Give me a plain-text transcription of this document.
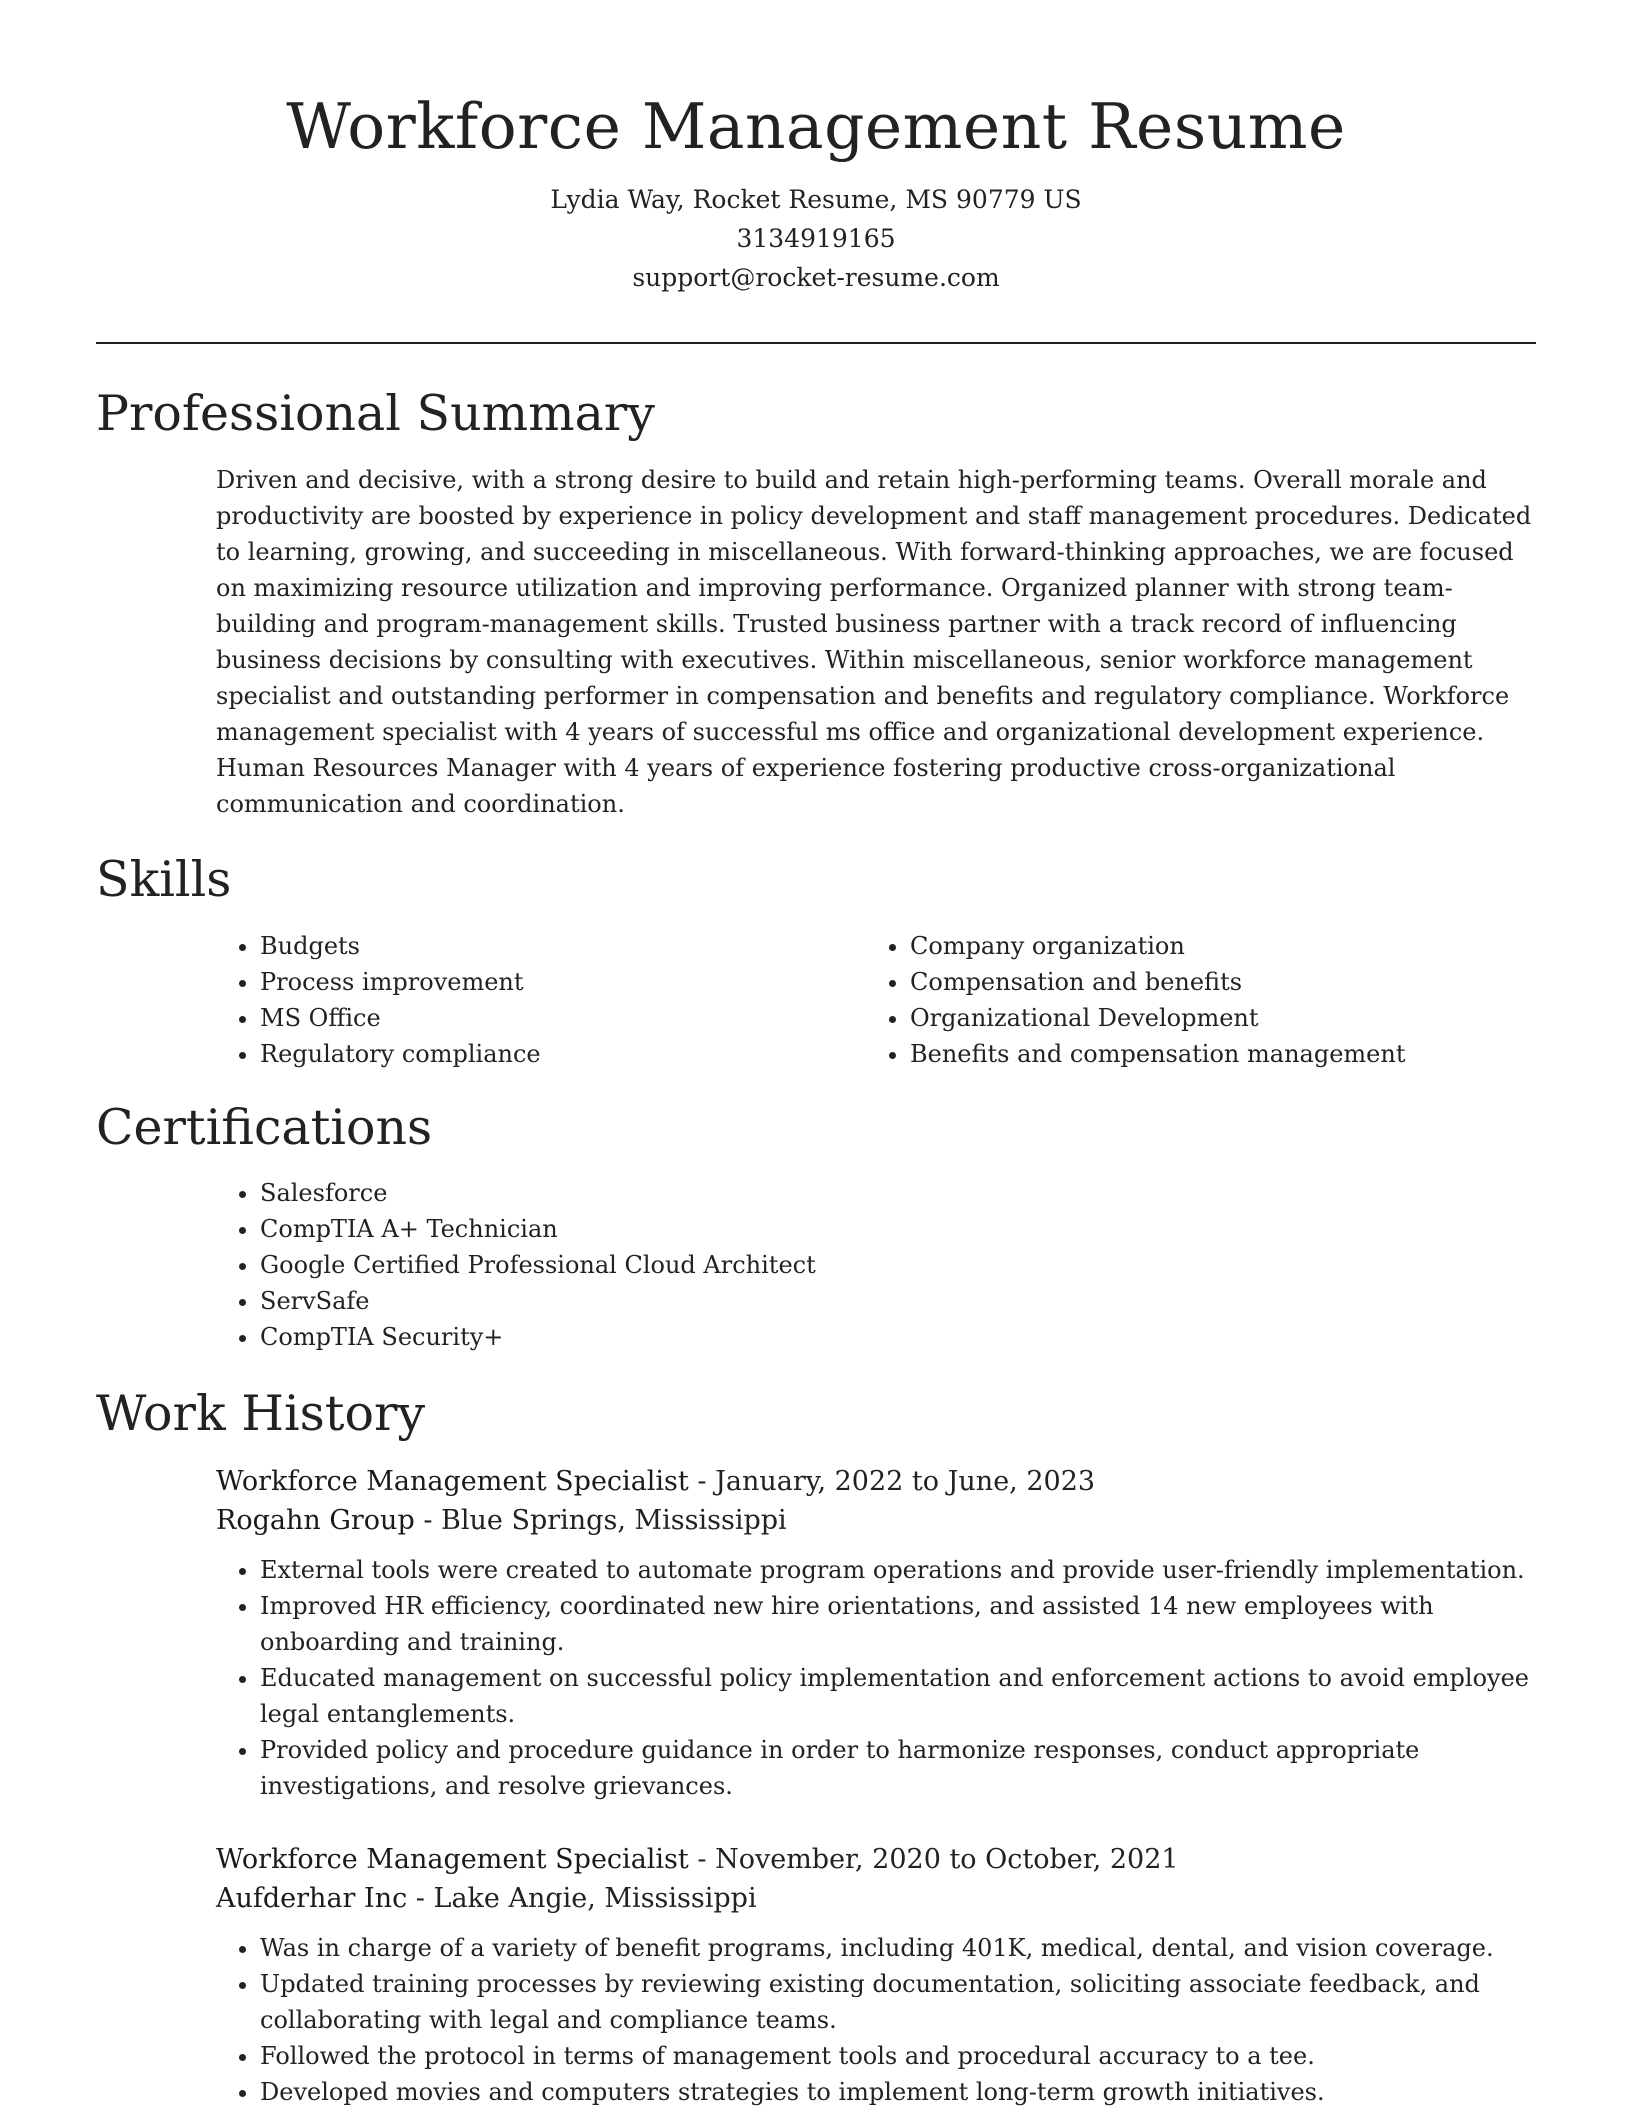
Workforce Management Resume
Lydia Way, Rocket Resume, MS 90779 US
3134919165
support@rocket-resume.com
Professional Summary

Driven and decisive, with a strong desire to build and retain high-performing teams. Overall morale and productivity are boosted by experience in policy development and staff management procedures. Dedicated to learning, growing, and succeeding in miscellaneous. With forward-thinking approaches, we are focused on maximizing resource utilization and improving performance. Organized planner with strong team-building and program-management skills. Trusted business partner with a track record of influencing business decisions by consulting with executives. Within miscellaneous, senior workforce management specialist and outstanding performer in compensation and benefits and regulatory compliance. Workforce management specialist with 4 years of successful ms office and organizational development experience. Human Resources Manager with 4 years of experience fostering productive cross-organizational communication and coordination.

Skills
• Budgets
• Process improvement
• MS Office
• Regulatory compliance
• Company organization
• Compensation and benefits
• Organizational Development
• Benefits and compensation management
Certifications
• Salesforce
• CompTIA A+ Technician
• Google Certified Professional Cloud Architect
• ServSafe
• CompTIA Security+
Work History
Workforce Management Specialist - January, 2022 to June, 2023
Rogahn Group - Blue Springs, Mississippi
• External tools were created to automate program operations and provide user-friendly implementation.
• Improved HR efficiency, coordinated new hire orientations, and assisted 14 new employees with onboarding and training.
• Educated management on successful policy implementation and enforcement actions to avoid employee legal entanglements.
• Provided policy and procedure guidance in order to harmonize responses, conduct appropriate investigations, and resolve grievances.
Workforce Management Specialist - November, 2020 to October, 2021
Aufderhar Inc - Lake Angie, Mississippi
• Was in charge of a variety of benefit programs, including 401K, medical, dental, and vision coverage.
• Updated training processes by reviewing existing documentation, soliciting associate feedback, and collaborating with legal and compliance teams.
• Followed the protocol in terms of management tools and procedural accuracy to a tee.
• Developed movies and computers strategies to implement long-term growth initiatives.
